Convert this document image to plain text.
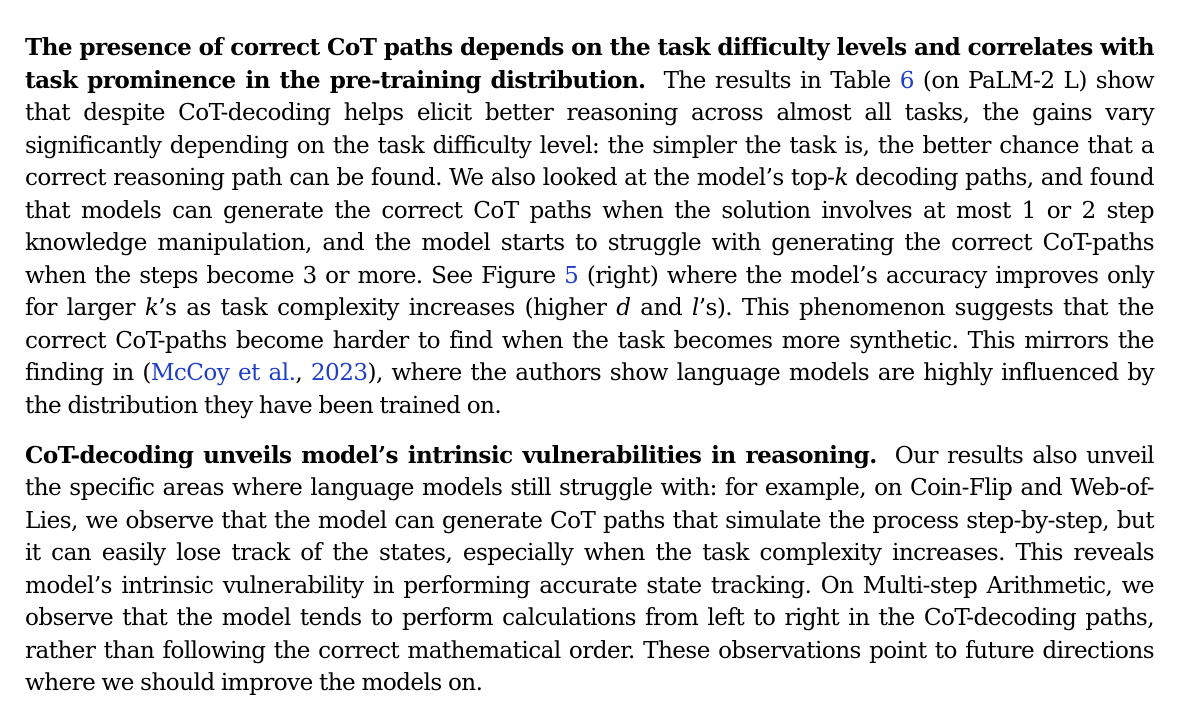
The presence of correct CoT paths depends on the task difficulty levels and correlates with task prominence in the pre-training distribution. The results in Table 6 (on PaLM-2 L) show that despite CoT-decoding helps elicit better reasoning across almost all tasks, the gains vary significantly depending on the task difficulty level: the simpler the task is, the better chance that a correct reasoning path can be found. We also looked at the model’s top-k decoding paths, and found that models can generate the correct CoT paths when the solution involves at most 1 or 2 step knowledge manipulation, and the model starts to struggle with generating the correct CoT-paths when the steps become 3 or more. See Figure 5 (right) where the model’s accuracy improves only for larger k’s as task complexity increases (higher d and l’s). This phenomenon suggests that the correct CoT-paths become harder to find when the task becomes more synthetic. This mirrors the finding in (McCoy et al., 2023), where the authors show language models are highly influenced by the distribution they have been trained on.

CoT-decoding unveils model’s intrinsic vulnerabilities in reasoning. Our results also unveil the specific areas where language models still struggle with: for example, on Coin-Flip and Web-of-Lies, we observe that the model can generate CoT paths that simulate the process step-by-step, but it can easily lose track of the states, especially when the task complexity increases. This reveals model’s intrinsic vulnerability in performing accurate state tracking. On Multi-step Arithmetic, we observe that the model tends to perform calculations from left to right in the CoT-decoding paths, rather than following the correct mathematical order. These observations point to future directions where we should improve the models on.
